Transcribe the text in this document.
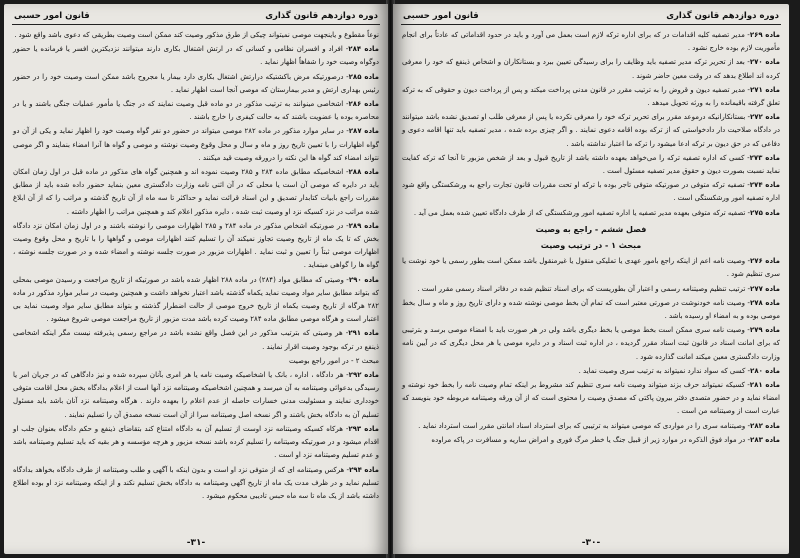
دوره دوازدهم قانون گذاری
قانون امور حسبی

نوعاً مقطوع و یاینجهت موصی نمیتواند چیکی از طرق مذکور وصیت کند ممکن است وصیت بطریقی که دعوی باشد واقع شود .

ماده ۲۸۴- افراد و افسران نظامی و کسانی که در ارتش اشتغال بکاری دارند میتوانند نزدیکترین افسر یا فرمانده یا حضور دوگواه وصیت خود را شفاهاً اظهار نماید .

ماده ۲۸۵- درصورتیکه مرض باکشتیکه درارتش اشتغال بکاری دارد بیمار یا مجروح باشد ممکن است وصیت خود را در حضور رئیس بهداری ارتش و مدیر بیمارستان که موصی آنجا است اظهار نماید .

ماده ۲۸۶- اشخاصی مینوانند به ترتیب مذکور در دو ماده قبل وصیت نمایند که در جنگ یا مأمور عملیات جنگی باشند و یا در محاصره بوده یا عضویت باشند که به حالت کیفری را خارج باشند .

ماده ۲۸۷- در سایر موارد مذکور در ماده ۲۸۲ موصی میتواند در حضور دو نفر گواه وصیت خود را اظهار نماید و یکی از آن دو گواه اظهارات را با تعیین تاریخ روز و ماه و سال و محل وقوع وصیت نوشته و موصی و گواه ها آنرا امضاء بنمایند و اگر موصی نتواند امضاء کند گواه ها این نکته را درورقه وصیت قید میکنند .

ماده ۲۸۸- اشخاصیکه مطابق ماده ۲۸۴ و ۲۸۵ وصیت نموده اند و همچنین گواه های مذکور در ماده قبل در اول زمان امکان باید در دایره که موصی آن است یا محلی که در آن اثنی نامه وزارت دادگستری معین بنماید حضور داده شده باید از مطابق مقررات راجع بابیات کتابدار تصدیق و این اسناد قرائت نماید و حداکثر تا سه ماه از آن تاریخ گذشته و مراتب را که از آن ابلاغ شده مراتب در نزد کسیکه نزد او وصیت ثبت شده ، دایره مذکور اعلام کند و همچنین مراتب را اظهار داشته .

ماده ۲۸۹- در صورتیکه اشخاص مذکور در ماده ۲۸۴ و ۲۸۵ اظهارات موصی را نوشته باشند و در اول زمان امکان نزد دادگاه بخش که تا یک ماه از تاریخ وصیت تجاوز نمیکند آن را تسلیم کنند اظهارات موصی و گواهها را با تاریخ و محل وقوع وصیت اظهارات موصی ثبتاً را تعیین و ثبت نماید . اظهارات مزبور در صورت جلسه نوشته و امضاء شده و در صورت جلسه نوشته ، گواه ها را گواهی مینماید .

ماده ۲۹۰- وصیتی که مطابق مواد (۲۸۴) در ماده ۲۸۸ اظهار شده باشد در صورتیکه از تاریخ مراجعت و رسیدن موصی بمحلی که بتواند مطابق سایر مواد وصیت نماید یکماه گذشته باشد اعتبار نخواهد داشت و همچنین وصیت در سایر موارد مذکور در ماده ۲۸۲ هرگاه از تاریخ وصیت یکماه از تاریخ خروج موصی از حالت اضطرار گذشته و بتواند مطابق سایر مواد وصیت نماید بی اعتبار است و هرگاه موصی مطابق ماده ۲۸۴ وصیت کرده باشد مدت مزبور از تاریخ مراجعت موصی شروع میشود .

ماده ۲۹۱- هر وصیتی که بترتیب مذکور در این فصل واقع نشده باشد در مراجع رسمی پذیرفته نیست مگر اینکه اشخاصی ذینفع در ترکه بوجود وصیت اقرار نمایند .

مبحث ۲ - در امور راجع بوصیت

ماده ۲۹۲- هر دادگاه ، اداره ، بانک یا اشخاصیکه وصیت نامه یا هر امری بآنان سپرده شده و نیز دادگاهی که در جریان امر یا رسیدگی بدعوائی وصیتنامه به آن میرسد و همچنین اشخاصیکه وصیتنامه نزد آنها است از اعلام بدادگاه بخش محل اقامت متوفی خودداری نمایند و مسئولیت مدنی خسارات حاصله از عدم اعلام را بعهده دارند . هرگاه وصیتنامه نزد آنان باشد باید مسئول تسلیم آن به دادگاه بخش باشند و اگر نسخه اصل وصیتنامه سرا از آن است نسخه مصدق آن را تسلیم نمایند .

ماده ۲۹۳- هرکاه کسیکه وصیتنامه نزد اوست از تسلیم آن به دادگاه امتناع کند بتقاضای ذینفع و حکم دادگاه بعنوان جلب او اقدام میشود و در صورتیکه وصیتنامه را تسلیم کرده باشد نسخه مزبور و هرچه مؤسسه و هر بقیه که باید تسلیم وصیتنامه باشد و عدم تسلیم وصیتنامه نزد او است .

ماده ۲۹۴- هرکس وصیتنامه ای که از متوفی نزد او است و بدون اینکه با آگهی و طلب وصیتنامه از طرف دادگاه بخواهد بدادگاه تسلیم نماید و در ظرف مدت یک ماه از تاریخ آگهی وصیتنامه به دادگاه بخش تسلیم نکند و از اینکه وصیتنامه نزد او بوده اطلاع داشته باشد از یک ماه تا سه ماه حبس تادیبی محکوم میشود .

-۳۱-
دوره دوازدهم قانون گذاری
قانون امور حسبی

ماده ۲۶۹- مدیر تصفیه کلیه اقدامات در که برای اداره ترکه لازم است بعمل می آورد و باید در حدود اقداماتی که عادتاً برای انجام مأموریت لازم بوده خارج نشود .

ماده ۲۷۰- بعد از تحریر ترکه مدیر تصفیه باید وظایف را برای رسیدگی تعیین ببرد و بستانکاران و اشخاص ذینفع که خود را معرفی کرده اند اطلاع بدهد که در وقت معین حاضر شوند .

ماده ۲۷۱- مدیر تصفیه دیون و قروض را به ترتیب مقرر در قانون مدنی پرداخت میکند و پس از پرداخت دیون و حقوقی که به ترکه تعلق گرفته باقیمانده را به ورثه تحویل میدهد .

ماده ۲۷۲- بستانکارانیکه درموعد مقرر برای تحریر ترکه خود را معرفی نکرده یا پس از معرفی طلب او تصدیق نشده باشد میتوانند در دادگاه صلاحیت دار دادخواستی که از ترکه بوده اقامه دعوی نمایند . و اگر چیزی برده شده ، مدیر تصفیه باید تنها اقامه دعوی و دفاعی که در حق دیون بر ترکه ادعا میشود را ترکه ما اعتبار نداشته باشد .

ماده ۲۷۳- کسی که اداره تصفیه ترکه را می‌خواهد بعهده داشته باشد از تاریخ قبول و بعد از شخص مزبور تا آنجا که ترکه کفایت نماید نسبت بصورت دیون و حقوق مدیر تصفیه مسئول است .

ماده ۲۷۴- تصفیه ترکه متوفی در صورتیکه متوفی تاجر بوده با ترکه او تحت مقررات قانون تجارت راجع به ورشکستگی واقع شود اداره تصفیه امور ورشکستگی است .

ماده ۲۷۵- تصفیه ترکه متوفی بعهده مدیر تصفیه یا اداره تصفیه امور ورشکستگی که از طرف دادگاه تعیین شده بعمل می آید .

فصل ششم - راجع به وصیت
مبحث ۱ - در ترتیب وصیت

ماده ۲۷۶- وصیت نامه اعم از اینکه راجع بامور عهدی یا تملیکی منقول یا غیرمنقول باشد ممکن است بطور رسمی یا خود نوشت یا سری تنظیم شود .

ماده ۲۷۷- ترتیب تنظیم وصیتنامه رسمی و اعتبار آن بطوریست که برای اسناد تنظیم شده در دفاتر اسناد رسمی مقرر است .

ماده ۲۷۸- وصیت نامه خودنوشت در صورتی معتبر است که تمام آن بخط موصی نوشته شده و دارای تاریخ روز و ماه و سال بخط موصی بوده و به امضاء او رسیده باشد .

ماده ۲۷۹- وصیت نامه سری ممکن است بخط موصی یا بخط دیگری باشد ولی در هر صورت باید با امضاء موصی برسد و بترتیبی که برای امانت اسناد در قانون ثبت اسناد مقرر گردیده ، در اداره ثبت اسناد و در دایره موصی یا هر محل دیگری که در آیین نامه وزارت دادگستری معین میکند امانت گذارده شود .

ماده ۲۸۰- کسی که سواد ندارد نمیتواند به ترتیب سری وصیت نماید .

ماده ۲۸۱- کسیکه نمیتواند حرف بزند میتواند وصیت نامه سری تنظیم کند مشروط بر اینکه تمام وصیت نامه را بخط خود نوشته و امضاء نماید و در حضور متصدی دفتر بیرون پاکتی که مصدق وصیت را محتوی است که از آن ورقه وصیتنامه مربوطه خود بنویسد که عبارت است از وصیتنامه من است .

ماده ۲۸۲- وصیتنامه سری را در مواردی که موصی میتواند به ترتیبی که برای استرداد اسناد امانتی مقرر است استرداد نماید .

ماده ۲۸۳- در مواد فوق الذکره در موارد زیر از قبیل جنگ یا خطر مرگ فوری و امراض ساریه و مسافرت در پاکه مراوده

-۳۰-
